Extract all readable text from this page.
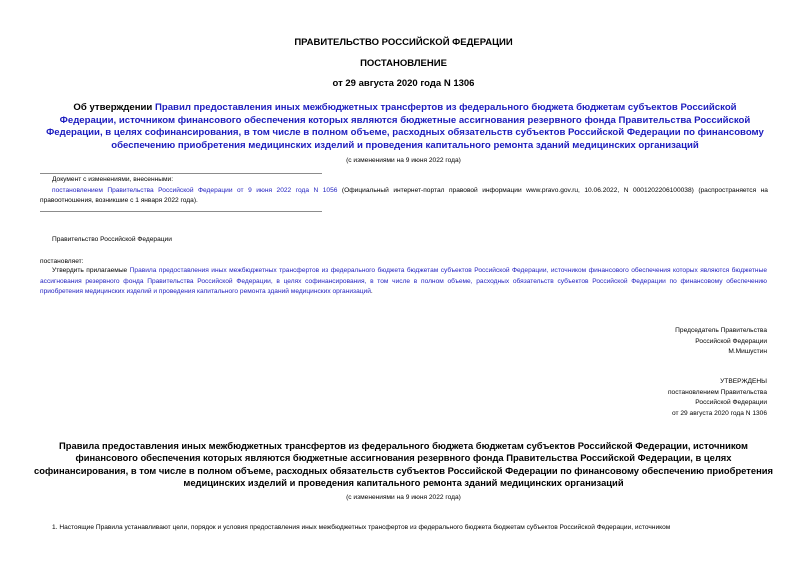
ПРАВИТЕЛЬСТВО РОССИЙСКОЙ ФЕДЕРАЦИИ
ПОСТАНОВЛЕНИЕ
от 29 августа 2020 года N 1306
Об утверждении Правил предоставления иных межбюджетных трансфертов из федерального бюджета бюджетам субъектов Российской Федерации, источником финансового обеспечения которых являются бюджетные ассигнования резервного фонда Правительства Российской Федерации, в целях софинансирования, в том числе в полном объеме, расходных обязательств субъектов Российской Федерации по финансовому обеспечению приобретения медицинских изделий и проведения капитального ремонта зданий медицинских организаций
(с изменениями на 9 июня 2022 года)
Документ с изменениями, внесенными:
постановлением Правительства Российской Федерации от 9 июня 2022 года N 1056 (Официальный интернет-портал правовой информации www.pravo.gov.ru, 10.06.2022, N 0001202206100038) (распространяется на правоотношения, возникшие с 1 января 2022 года).
Правительство Российской Федерации
постановляет:
Утвердить прилагаемые Правила предоставления иных межбюджетных трансфертов из федерального бюджета бюджетам субъектов Российской Федерации, источником финансового обеспечения которых являются бюджетные ассигнования резервного фонда Правительства Российской Федерации, в целях софинансирования, в том числе в полном объеме, расходных обязательств субъектов Российской Федерации по финансовому обеспечению приобретения медицинских изделий и проведения капитального ремонта зданий медицинских организаций.
Председатель Правительства
Российской Федерации
М.Мишустин
УТВЕРЖДЕНЫ
постановлением Правительства
Российской Федерации
от 29 августа 2020 года N 1306
Правила предоставления иных межбюджетных трансфертов из федерального бюджета бюджетам субъектов Российской Федерации, источником финансового обеспечения которых являются бюджетные ассигнования резервного фонда Правительства Российской Федерации, в целях софинансирования, в том числе в полном объеме, расходных обязательств субъектов Российской Федерации по финансовому обеспечению приобретения медицинских изделий и проведения капитального ремонта зданий медицинских организаций
(с изменениями на 9 июня 2022 года)
1. Настоящие Правила устанавливают цели, порядок и условия предоставления иных межбюджетных трансфертов из федерального бюджета бюджетам субъектов Российской Федерации, источником
